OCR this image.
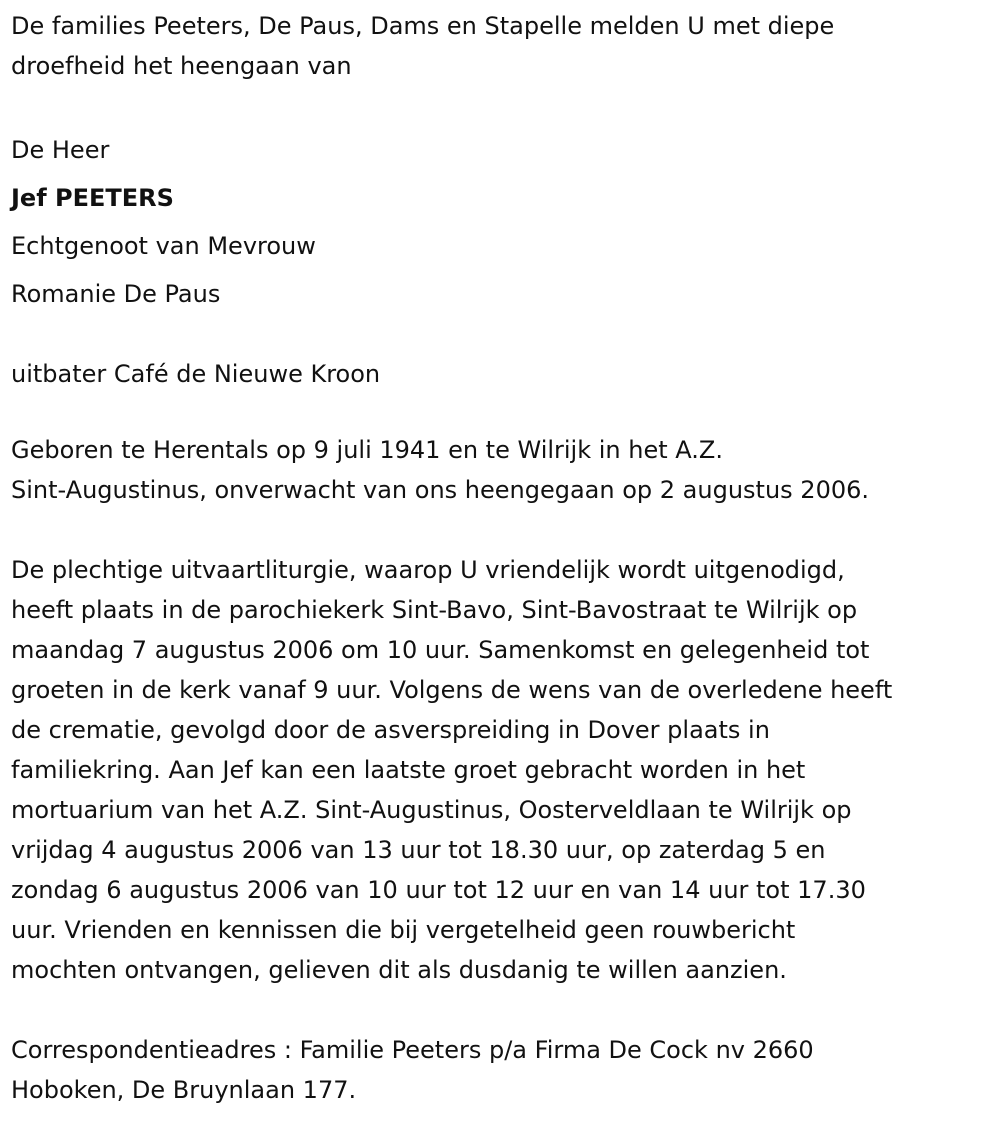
De families Peeters, De Paus, Dams en Stapelle melden U met diepe
droefheid het heengaan van

De Heer

Jef PEETERS

Echtgenoot van Mevrouw

Romanie De Paus

uitbater Café de Nieuwe Kroon

Geboren te Herentals op 9 juli 1941 en te Wilrijk in het A.Z.
Sint-Augustinus, onverwacht van ons heengegaan op 2 augustus 2006.

De plechtige uitvaartliturgie, waarop U vriendelijk wordt uitgenodigd,
heeft plaats in de parochiekerk Sint-Bavo, Sint-Bavostraat te Wilrijk op
maandag 7 augustus 2006 om 10 uur. Samenkomst en gelegenheid tot
groeten in de kerk vanaf 9 uur. Volgens de wens van de overledene heeft
de crematie, gevolgd door de asverspreiding in Dover plaats in
familiekring. Aan Jef kan een laatste groet gebracht worden in het
mortuarium van het A.Z. Sint-Augustinus, Oosterveldlaan te Wilrijk op
vrijdag 4 augustus 2006 van 13 uur tot 18.30 uur, op zaterdag 5 en
zondag 6 augustus 2006 van 10 uur tot 12 uur en van 14 uur tot 17.30
uur. Vrienden en kennissen die bij vergetelheid geen rouwbericht
mochten ontvangen, gelieven dit als dusdanig te willen aanzien.

Correspondentieadres : Familie Peeters p/a Firma De Cock nv 2660
Hoboken, De Bruynlaan 177.
